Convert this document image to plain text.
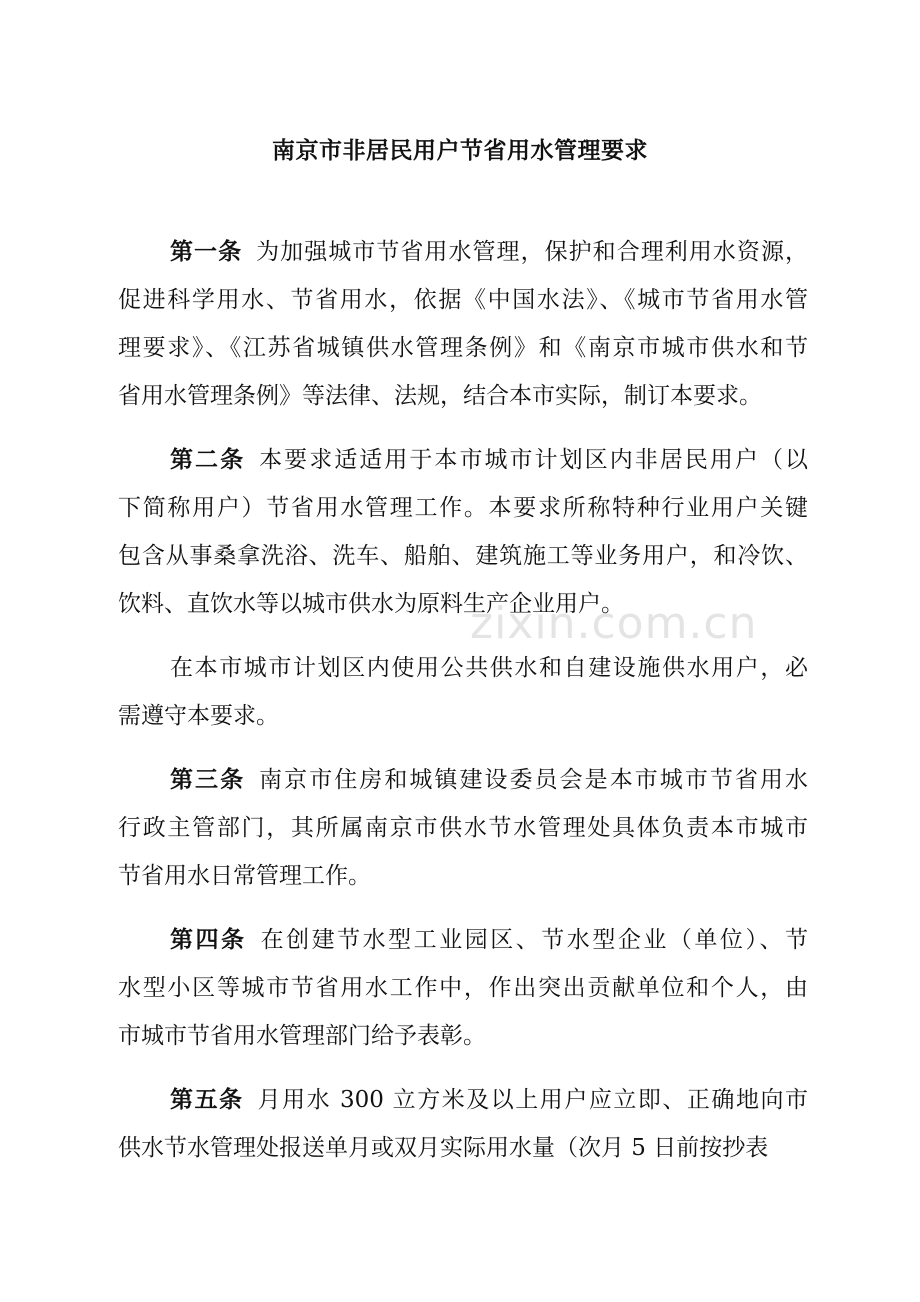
南京市非居民用户节省用水管理要求

第一条 为加强城市节省用水管理，保护和合理利用水资源，
促进科学用水、节省用水，依据《中国水法》、《城市节省用水管
理要求》、《江苏省城镇供水管理条例》和《南京市城市供水和节
省用水管理条例》等法律、法规，结合本市实际，制订本要求。

第二条 本要求适适用于本市城市计划区内非居民用户（以
下简称用户）节省用水管理工作。本要求所称特种行业用户关键
包含从事桑拿洗浴、洗车、船舶、建筑施工等业务用户，和冷饮、
饮料、直饮水等以城市供水为原料生产企业用户。

在本市城市计划区内使用公共供水和自建设施供水用户，必
需遵守本要求。

第三条 南京市住房和城镇建设委员会是本市城市节省用水
行政主管部门，其所属南京市供水节水管理处具体负责本市城市
节省用水日常管理工作。

第四条 在创建节水型工业园区、节水型企业（单位）、节
水型小区等城市节省用水工作中，作出突出贡献单位和个人，由
市城市节省用水管理部门给予表彰。

第五条 月用水 300 立方米及以上用户应立即、正确地向市
供水节水管理处报送单月或双月实际用水量（次月 5 日前按抄表

zixin.com.cn
